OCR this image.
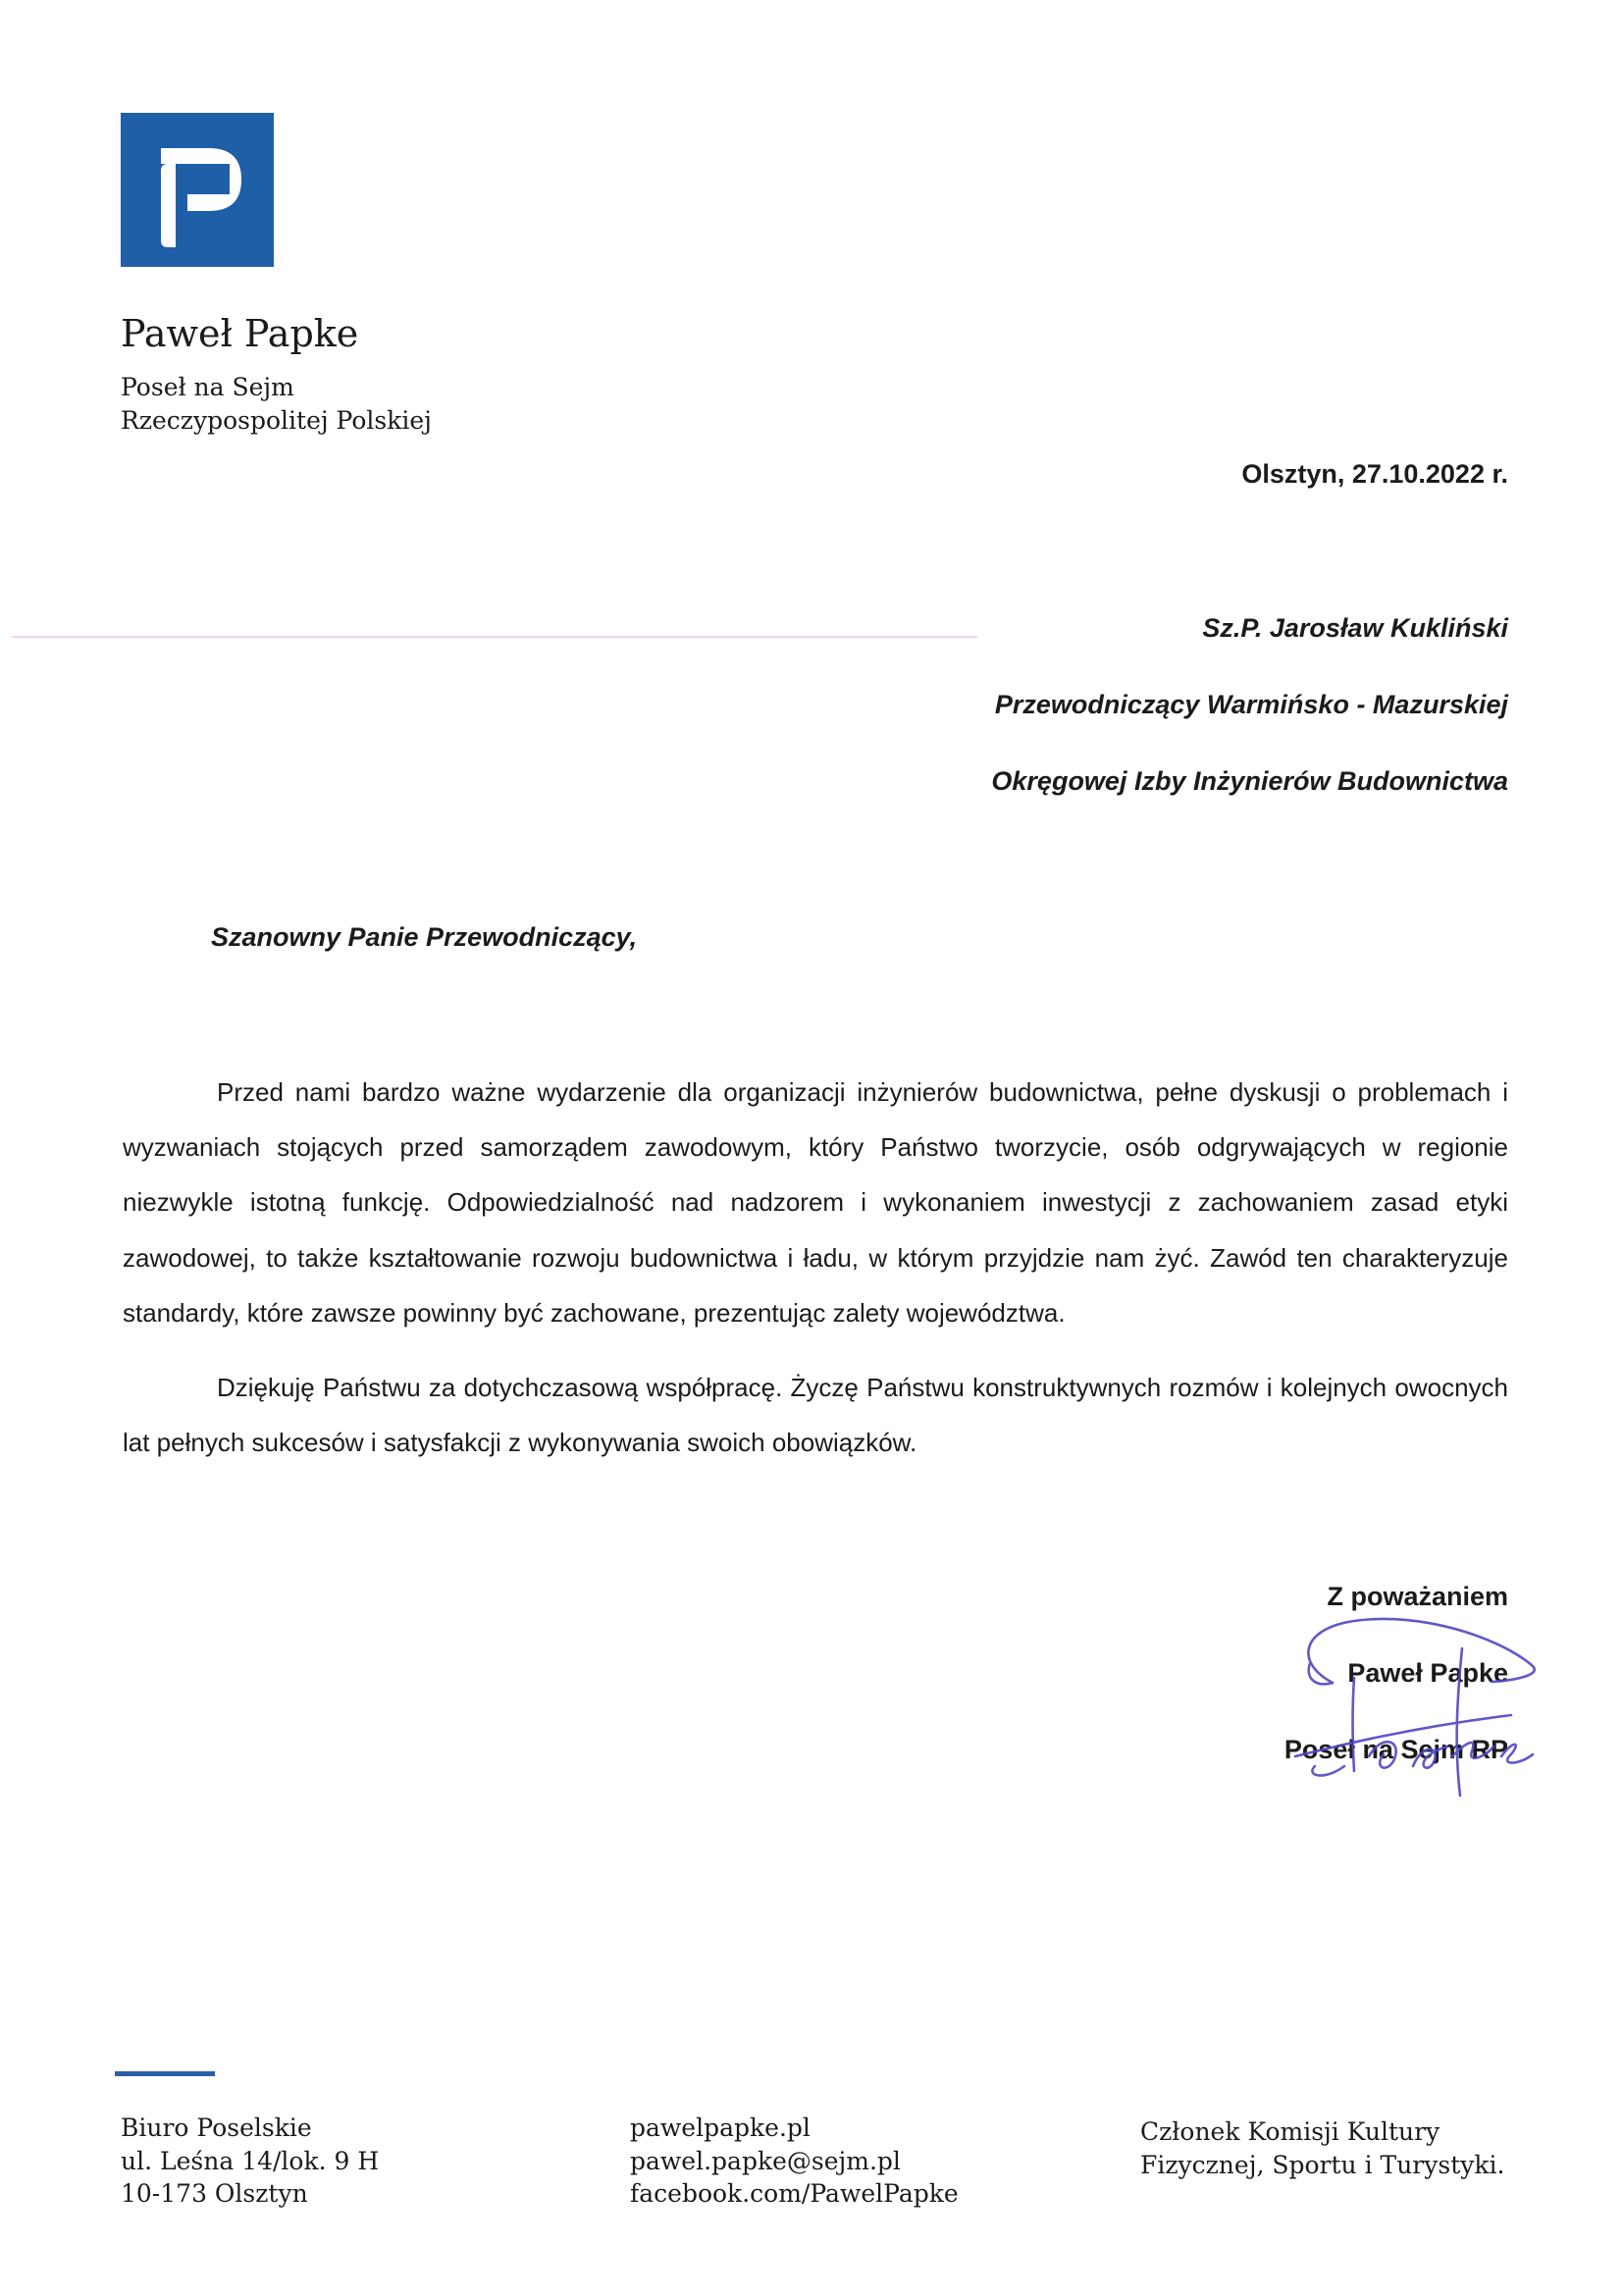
Paweł Papke
Poseł na Sejm
Rzeczypospolitej Polskiej
Olsztyn, 27.10.2022 r.
Sz.P. Jarosław Kukliński
Przewodniczący Warmińsko - Mazurskiej
Okręgowej Izby Inżynierów Budownictwa
Szanowny Panie Przewodniczący,
Przed nami bardzo ważne wydarzenie dla organizacji inżynierów budownictwa, pełne dyskusji o problemach i wyzwaniach stojących przed samorządem zawodowym, który Państwo tworzycie, osób odgrywających w regionie niezwykle istotną funkcję. Odpowiedzialność nad nadzorem i wykonaniem inwestycji z zachowaniem zasad etyki zawodowej, to także kształtowanie rozwoju budownictwa i ładu, w którym przyjdzie nam żyć. Zawód ten charakteryzuje standardy, które zawsze powinny być zachowane, prezentując zalety województwa.
Dziękuję Państwu za dotychczasową współpracę. Życzę Państwu konstruktywnych rozmów i kolejnych owocnych lat pełnych sukcesów i satysfakcji z wykonywania swoich obowiązków.
Z poważaniem
Paweł Papke
Poseł na Sejm RP
Biuro Poselskie
ul. Leśna 14/lok. 9 H
10-173 Olsztyn
pawelpapke.pl
pawel.papke@sejm.pl
facebook.com/PawelPapke
Członek Komisji Kultury
Fizycznej, Sportu i Turystyki.
